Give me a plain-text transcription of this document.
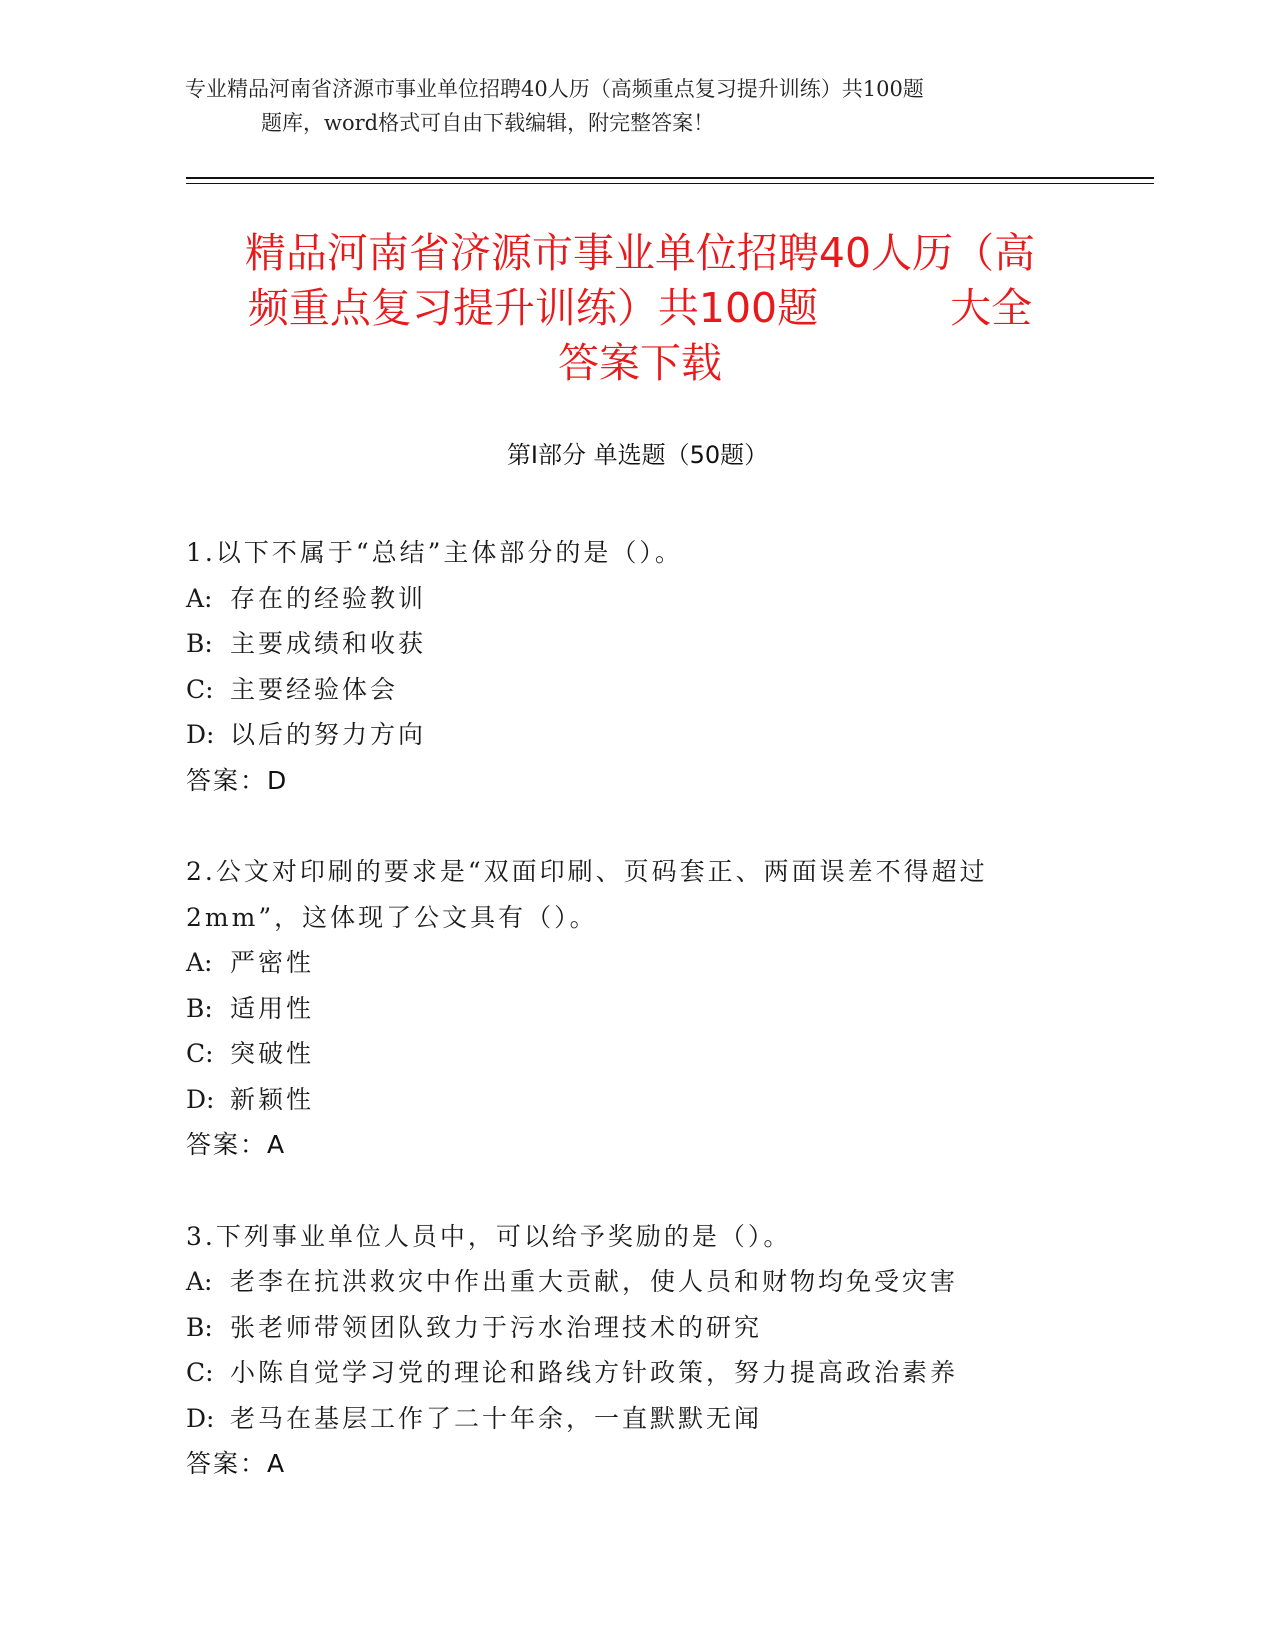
专业精品河南省济源市事业单位招聘40人历（高频重点复习提升训练）共100题
题库，word格式可自由下载编辑，附完整答案！
精品河南省济源市事业单位招聘40人历（高
频重点复习提升训练）共100题	大全
答案下载
第I部分 单选题（50题）
1.以下不属于“总结”主体部分的是（）。
A: 存在的经验教训
B: 主要成绩和收获
C: 主要经验体会
D: 以后的努力方向
答案：D
2.公文对印刷的要求是“双面印刷、页码套正、两面误差不得超过
2mm”，这体现了公文具有（）。
A: 严密性
B: 适用性
C: 突破性
D: 新颖性
答案：A
3.下列事业单位人员中，可以给予奖励的是（）。
A: 老李在抗洪救灾中作出重大贡献，使人员和财物均免受灾害
B: 张老师带领团队致力于污水治理技术的研究
C: 小陈自觉学习党的理论和路线方针政策，努力提高政治素养
D: 老马在基层工作了二十年余，一直默默无闻
答案：A
